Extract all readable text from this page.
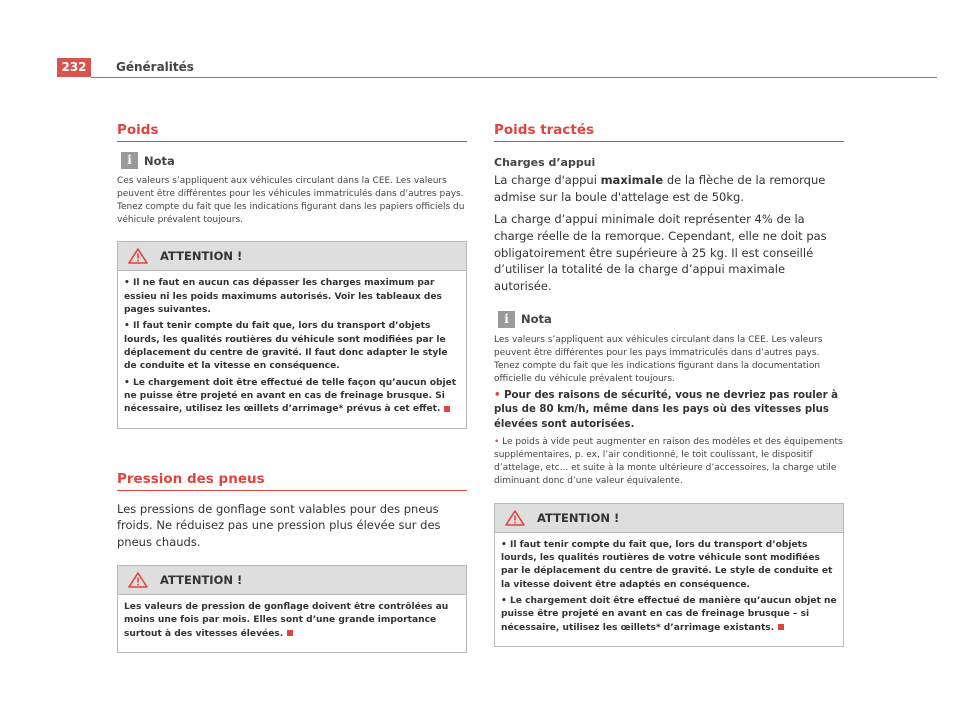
232	Généralités
Poids
i	Nota

Ces valeurs s’appliquent aux véhicules circulant dans la CEE. Les valeurs peuvent être différentes pour les véhicules immatriculés dans d’autres pays. Tenez compte du fait que les indications figurant dans les papiers officiels du véhicule prévalent toujours.

ATTENTION !

• Il ne faut en aucun cas dépasser les charges maximum par essieu ni les poids maximums autorisés. Voir les tableaux des pages suivantes.

• Il faut tenir compte du fait que, lors du transport d’objets lourds, les qualités routières du véhicule sont modifiées par le déplacement du centre de gravité. Il faut donc adapter le style de conduite et la vitesse en conséquence.

• Le chargement doit être effectué de telle façon qu’aucun objet ne puisse être projeté en avant en cas de freinage brusque. Si nécessaire, utilisez les œillets d’arrimage* prévus à cet effet.

Pression des pneus

Les pressions de gonflage sont valables pour des pneus froids. Ne réduisez pas une pression plus élevée sur des pneus chauds.

ATTENTION !

Les valeurs de pression de gonflage doivent être contrôlées au moins une fois par mois. Elles sont d’une grande importance surtout à des vitesses élevées.

Poids tractés

Charges d’appui

La charge d'appui maximale de la flèche de la remorque admise sur la boule d'attelage est de 50kg.

La charge d’appui minimale doit représenter 4% de la charge réelle de la remorque. Cependant, elle ne doit pas obligatoirement être supérieure à 25 kg. Il est conseillé d’utiliser la totalité de la charge d’appui maximale autorisée.

i	Nota

Les valeurs s’appliquent aux véhicules circulant dans la CEE. Les valeurs peuvent être différentes pour les pays immatriculés dans d’autres pays. Tenez compte du fait que les indications figurant dans la documentation officielle du véhicule prévalent toujours.

• Pour des raisons de sécurité, vous ne devriez pas rouler à plus de 80 km/h, même dans les pays où des vitesses plus élevées sont autorisées.

• Le poids à vide peut augmenter en raison des modèles et des équipements supplémentaires, p. ex, l’air conditionné, le toit coulissant, le dispositif d’attelage, etc... et suite à la monte ultérieure d’accessoires, la charge utile diminuant donc d’une valeur équivalente.

ATTENTION !

• Il faut tenir compte du fait que, lors du transport d’objets lourds, les qualités routières de votre véhicule sont modifiées par le déplacement du centre de gravité. Le style de conduite et la vitesse doivent être adaptés en conséquence.

• Le chargement doit être effectué de manière qu’aucun objet ne puisse être projeté en avant en cas de freinage brusque – si nécessaire, utilisez les œillets* d’arrimage existants.
